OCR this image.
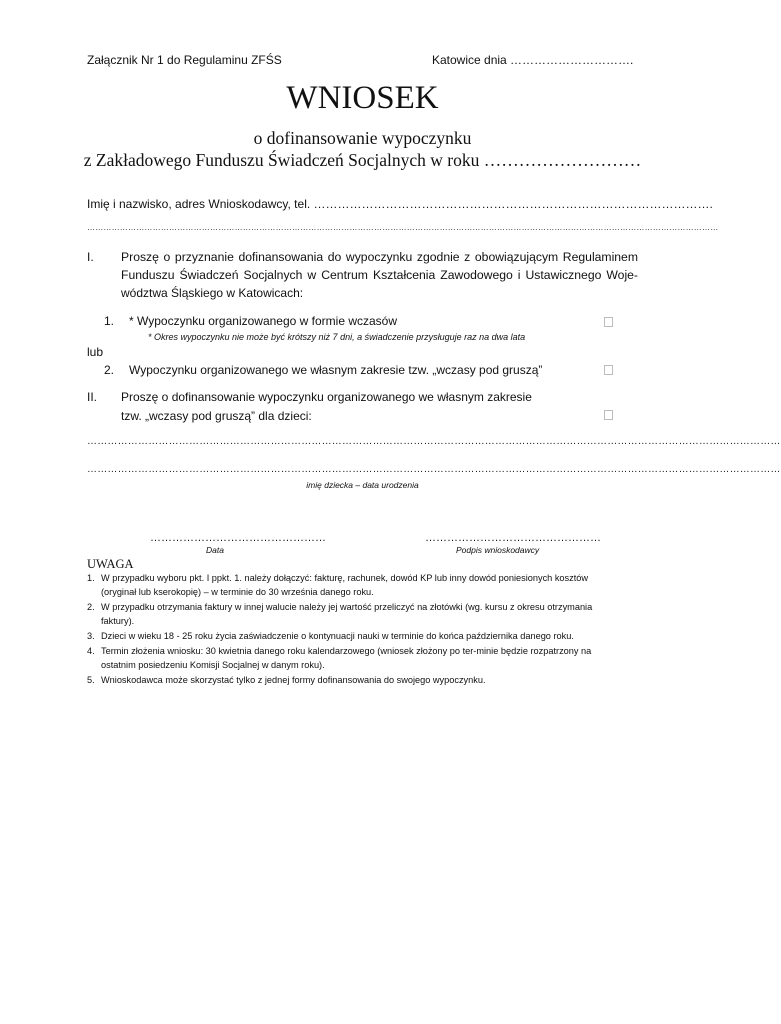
Załącznik Nr 1 do Regulaminu ZFŚS	Katowice dnia ………………………….
WNIOSEK
o dofinansowanie wypoczynku
z Zakładowego Funduszu Świadczeń Socjalnych w roku ………………………
Imię i nazwisko, adres Wnioskodawcy, tel. ……………………………………………………………………………………….
……………………………………………………………………………………………………………………………………………………………………………………………………………
I. Proszę o przyznanie dofinansowania do wypoczynku zgodnie z obowiązującym Regulaminem
Funduszu Świadczeń Socjalnych w Centrum Kształcenia Zawodowego i Ustawicznego Woje-
wództwa Śląskiego w Katowicach:
1. * Wypoczynku organizowanego w formie wczasów
* Okres wypoczynku nie może być krótszy niż 7 dni, a świadczenie przysługuje raz na dwa lata
lub
2. Wypoczynku organizowanego we własnym zakresie tzw. „wczasy pod gruszą”
II. Proszę o dofinansowanie wypoczynku organizowanego we własnym zakresie
tzw. „wczasy pod gruszą” dla dzieci:
……………………………………………………………………………………………………………………………………………………………………………………
……………………………………………………………………………………………………………………………………………………………………………………
imię dziecka – data urodzenia
…………………………………………
Data
…………………………………………
Podpis wnioskodawcy
UWAGA
1. W przypadku wyboru pkt. I ppkt. 1. należy dołączyć: fakturę, rachunek, dowód KP lub inny dowód poniesionych kosztów (oryginał lub kserokopię) – w terminie do 30 września danego roku.
2. W przypadku otrzymania faktury w innej walucie należy jej wartość przeliczyć na złotówki (wg. kursu z okresu otrzymania faktury).
3. Dzieci w wieku 18 - 25 roku życia zaświadczenie o kontynuacji nauki w terminie do końca października danego roku.
4. Termin złożenia wniosku: 30 kwietnia danego roku kalendarzowego (wniosek złożony po ter-minie będzie rozpatrzony na ostatnim posiedzeniu Komisji Socjalnej w danym roku).
5. Wnioskodawca może skorzystać tylko z jednej formy dofinansowania do swojego wypoczynku.
